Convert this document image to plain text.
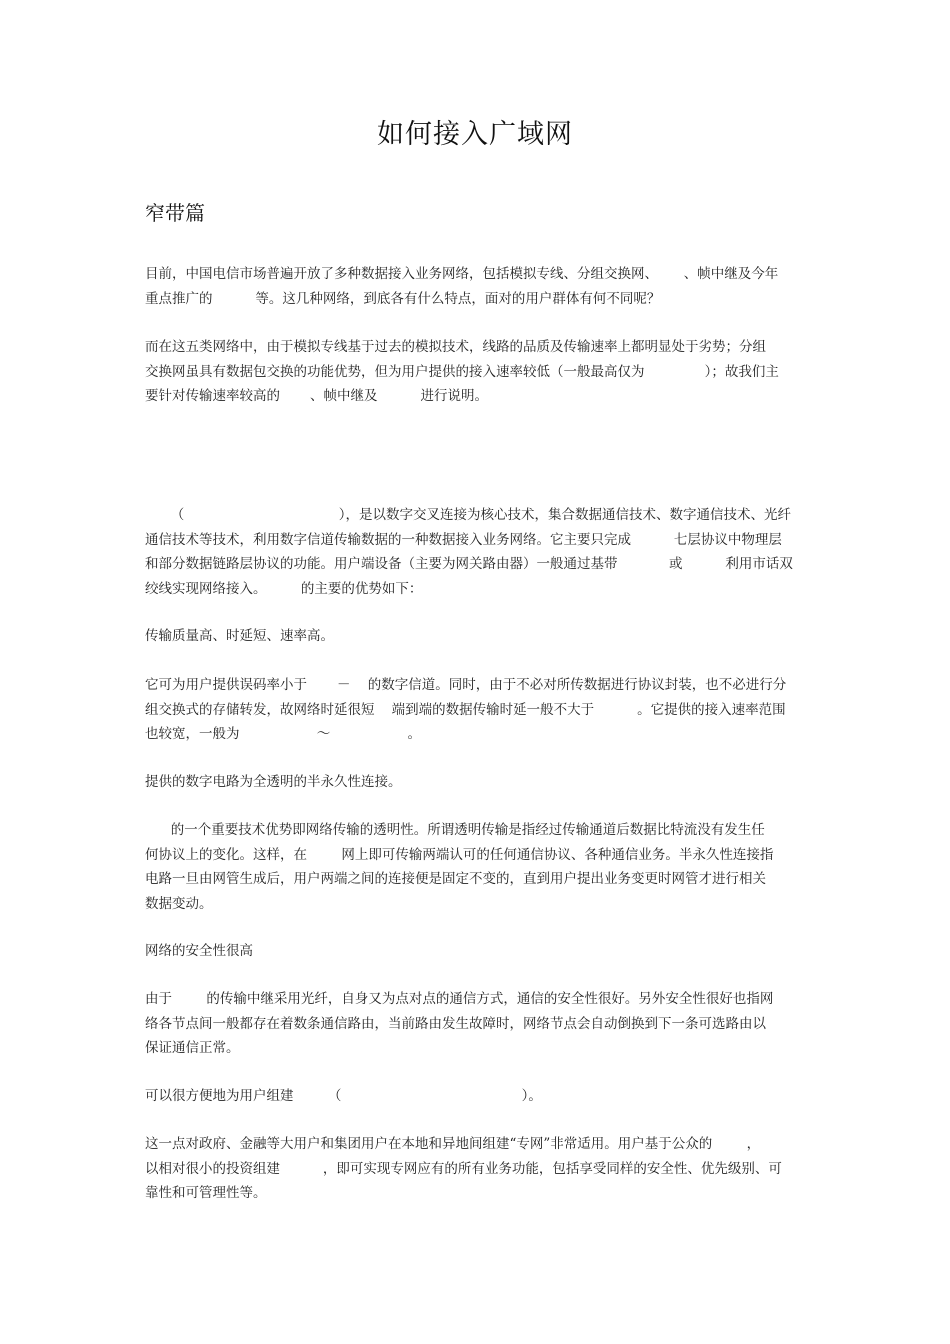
如何接入广域网
窄带篇
目前，中国电信市场普遍开放了多种数据接入业务网络，包括模拟专线、分组交换网、      、帧中继及今年
重点推广的          等。这几种网络，到底各有什么特点，面对的用户群体有何不同呢？
而在这五类网络中，由于模拟专线基于过去的模拟技术，线路的品质及传输速率上都明显处于劣势；分组
交换网虽具有数据包交换的功能优势，但为用户提供的接入速率较低（一般最高仅为              ）；故我们主
要针对传输速率较高的       、帧中继及          进行说明。
（                                    ），是以数字交叉连接为核心技术，集合数据通信技术、数字通信技术、光纤
通信技术等技术，利用数字信道传输数据的一种数据接入业务网络。它主要只完成          七层协议中物理层
和部分数据链路层协议的功能。用户端设备（主要为网关路由器）一般通过基带            或          利用市话双
绞线实现网络接入。        的主要的优势如下：
传输质量高、时延短、速率高。
它可为用户提供误码率小于       －    的数字信道。同时，由于不必对所传数据进行协议封装，也不必进行分
组交换式的存储转发，故网络时延很短    端到端的数据传输时延一般不大于          。它提供的接入速率范围
也较宽，一般为                  ～                  。
提供的数字电路为全透明的半永久性连接。
的一个重要技术优势即网络传输的透明性。所谓透明传输是指经过传输通道后数据比特流没有发生任
何协议上的变化。这样，在        网上即可传输两端认可的任何通信协议、各种通信业务。半永久性连接指
电路一旦由网管生成后，用户两端之间的连接便是固定不变的，直到用户提出业务变更时网管才进行相关
数据变动。
网络的安全性很高
由于        的传输中继采用光纤，自身又为点对点的通信方式，通信的安全性很好。另外安全性很好也指网
络各节点间一般都存在着数条通信路由，当前路由发生故障时，网络节点会自动倒换到下一条可选路由以
保证通信正常。
可以很方便地为用户组建        （                                          ）。
这一点对政府、金融等大用户和集团用户在本地和异地间组建“专网”非常适用。用户基于公众的        ，
以相对很小的投资组建          ，即可实现专网应有的所有业务功能，包括享受同样的安全性、优先级别、可
靠性和可管理性等。
